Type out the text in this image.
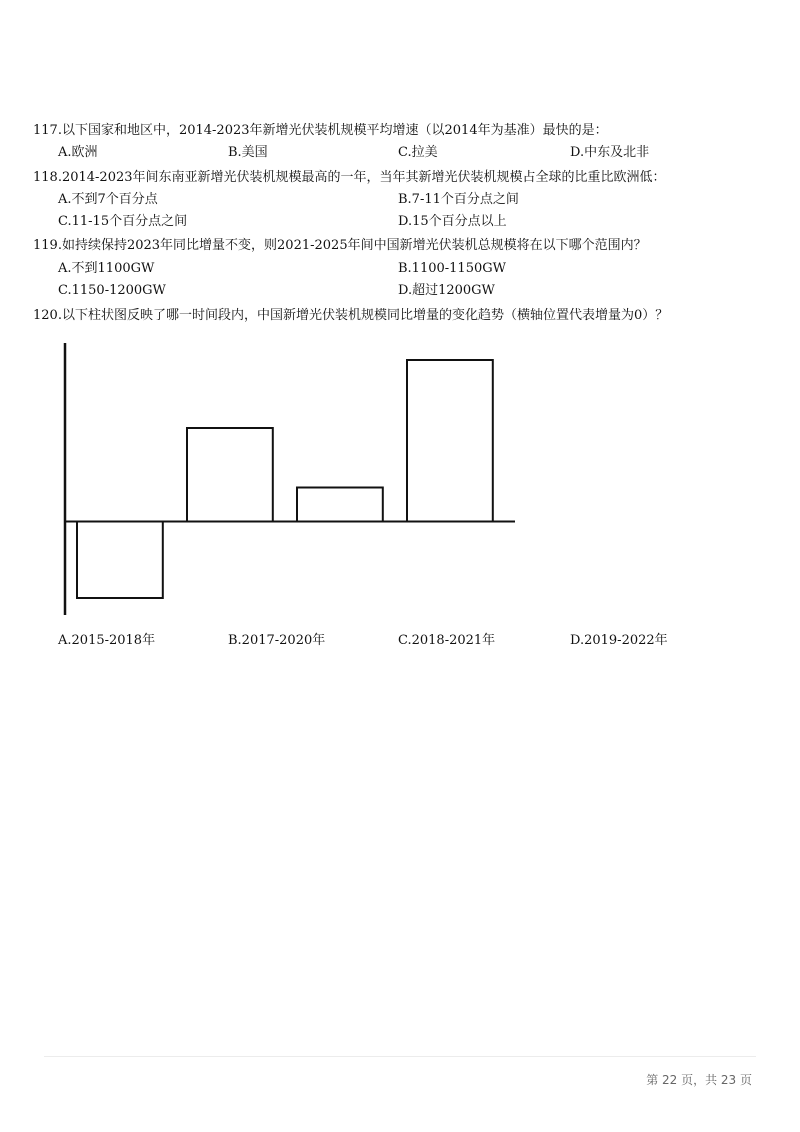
117.以下国家和地区中，2014-2023年新增光伏装机规模平均增速（以2014年为基准）最快的是：
A.欧洲	B.美国	C.拉美	D.中东及北非
118.2014-2023年间东南亚新增光伏装机规模最高的一年，当年其新增光伏装机规模占全球的比重比欧洲低：
A.不到7个百分点	B.7-11个百分点之间
C.11-15个百分点之间	D.15个百分点以上
119.如持续保持2023年同比增量不变，则2021-2025年间中国新增光伏装机总规模将在以下哪个范围内？
A.不到1100GW	B.1100-1150GW
C.1150-1200GW	D.超过1200GW
120.以下柱状图反映了哪一时间段内，中国新增光伏装机规模同比增量的变化趋势（横轴位置代表增量为0）？
A.2015-2018年	B.2017-2020年	C.2018-2021年	D.2019-2022年
第 22 页，共 23 页
